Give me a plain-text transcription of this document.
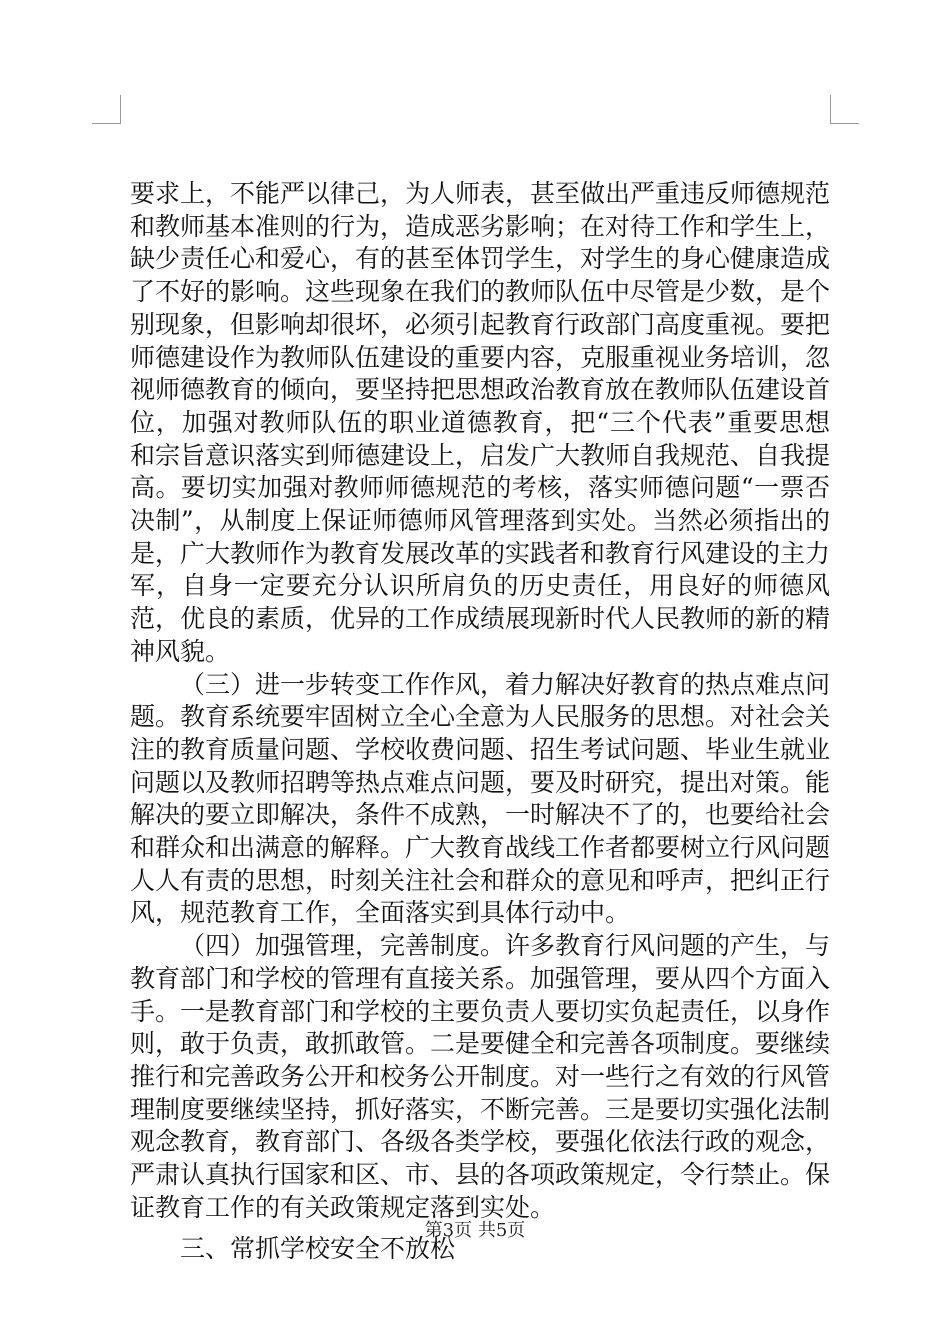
要求上，不能严以律己，为人师表，甚至做出严重违反师德规范和教师基本准则的行为，造成恶劣影响；在对待工作和学生上，缺少责任心和爱心，有的甚至体罚学生，对学生的身心健康造成了不好的影响。这些现象在我们的教师队伍中尽管是少数，是个别现象，但影响却很坏，必须引起教育行政部门高度重视。要把师德建设作为教师队伍建设的重要内容，克服重视业务培训，忽视师德教育的倾向，要坚持把思想政治教育放在教师队伍建设首位，加强对教师队伍的职业道德教育，把“三个代表”重要思想和宗旨意识落实到师德建设上，启发广大教师自我规范、自我提高。要切实加强对教师师德规范的考核，落实师德问题“一票否决制”，从制度上保证师德师风管理落到实处。当然必须指出的是，广大教师作为教育发展改革的实践者和教育行风建设的主力军，自身一定要充分认识所肩负的历史责任，用良好的师德风范，优良的素质，优异的工作成绩展现新时代人民教师的新的精神风貌。

（三）进一步转变工作作风，着力解决好教育的热点难点问题。教育系统要牢固树立全心全意为人民服务的思想。对社会关注的教育质量问题、学校收费问题、招生考试问题、毕业生就业问题以及教师招聘等热点难点问题，要及时研究，提出对策。能解决的要立即解决，条件不成熟，一时解决不了的，也要给社会和群众和出满意的解释。广大教育战线工作者都要树立行风问题人人有责的思想，时刻关注社会和群众的意见和呼声，把纠正行风，规范教育工作，全面落实到具体行动中。

（四）加强管理，完善制度。许多教育行风问题的产生，与教育部门和学校的管理有直接关系。加强管理，要从四个方面入手。一是教育部门和学校的主要负责人要切实负起责任，以身作则，敢于负责，敢抓敢管。二是要健全和完善各项制度。要继续推行和完善政务公开和校务公开制度。对一些行之有效的行风管理制度要继续坚持，抓好落实，不断完善。三是要切实强化法制观念教育，教育部门、各级各类学校，要强化依法行政的观念，严肃认真执行国家和区、市、县的各项政策规定，令行禁止。保证教育工作的有关政策规定落到实处。

三、常抓学校安全不放松

第3页 共5页
